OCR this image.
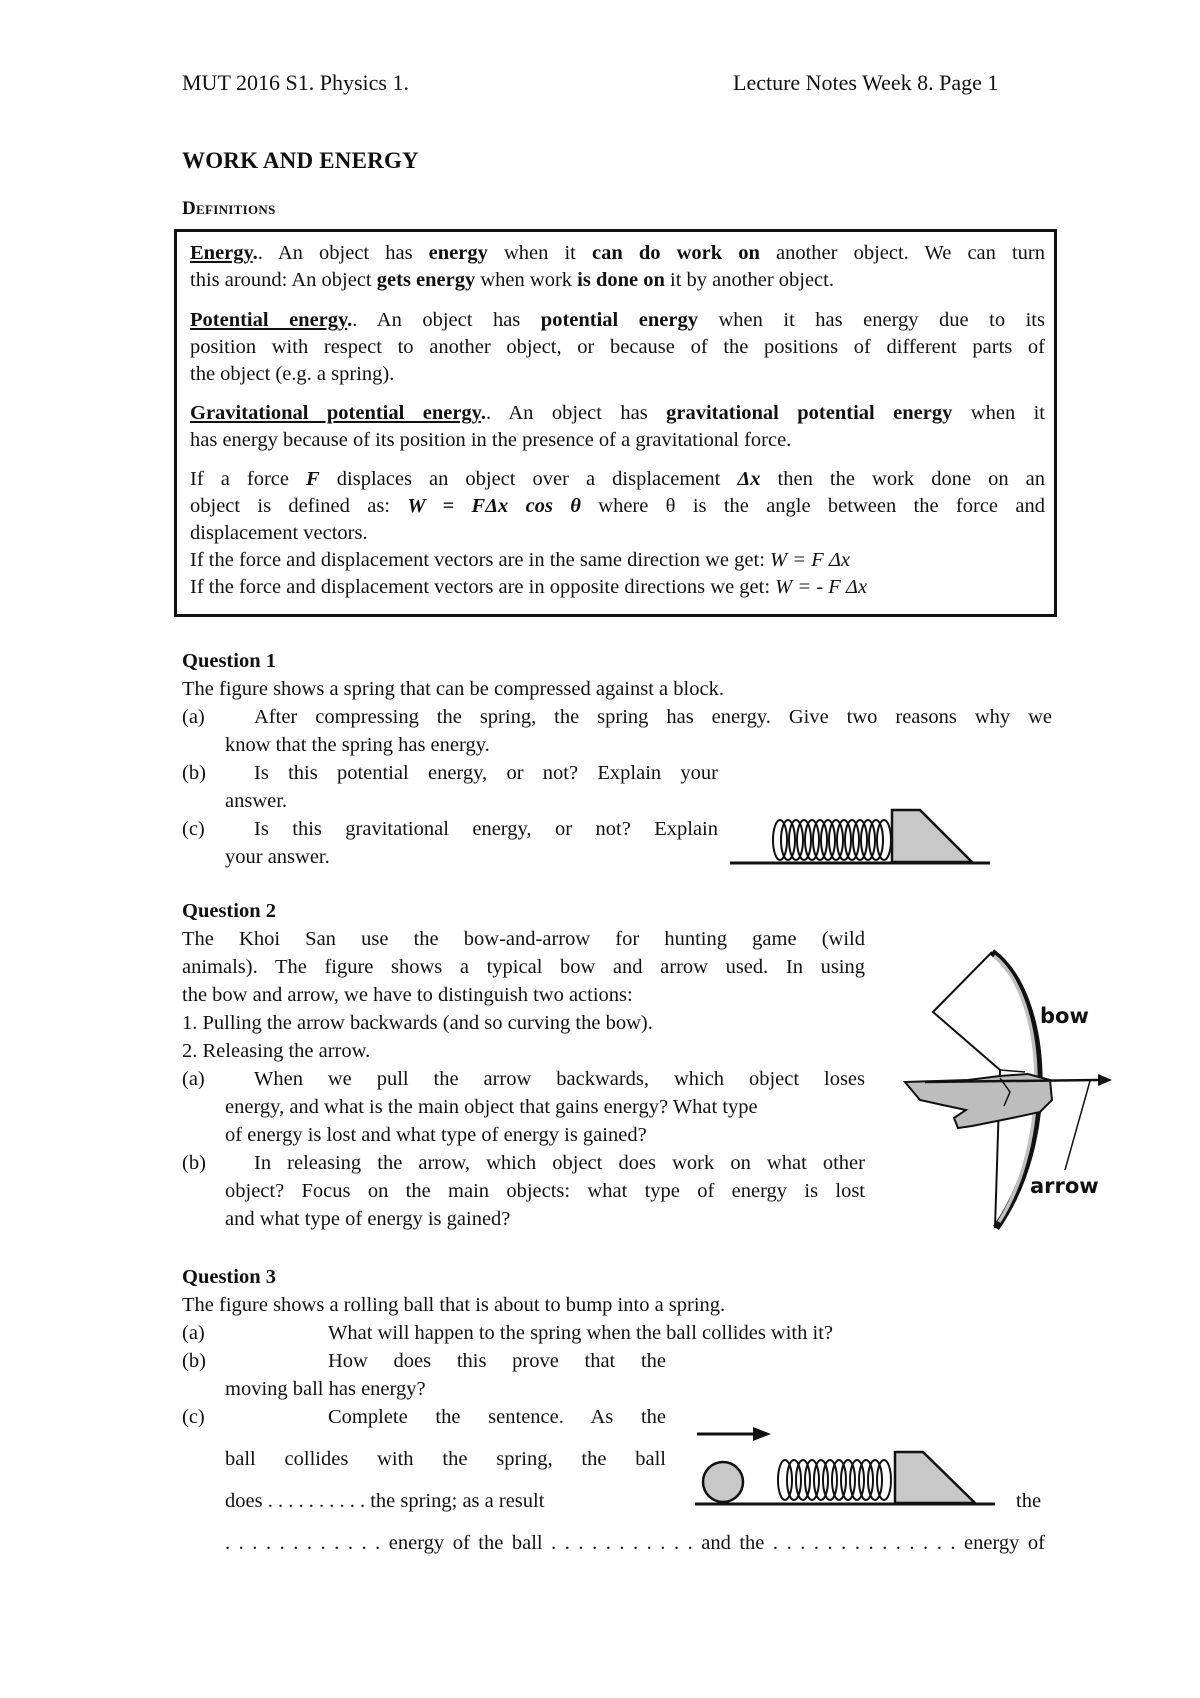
MUT 2016 S1. Physics 1.	Lecture Notes Week 8. Page 1
WORK AND ENERGY
Definitions
Energy.. An object has energy when it can do work on another object. We can turn
this around: An object gets energy when work is done on it by another object.
Potential energy.. An object has potential energy when it has energy due to its
position with respect to another object, or because of the positions of different parts of
the object (e.g. a spring).
Gravitational potential energy.. An object has gravitational potential energy when it
has energy because of its position in the presence of a gravitational force.
If a force F displaces an object over a displacement Δx then the work done on an
object is defined as: W = FΔx cos θ where θ is the angle between the force and
displacement vectors.
If the force and displacement vectors are in the same direction we get: W = F Δx
If the force and displacement vectors are in opposite directions we get: W = - F Δx
Question 1
The figure shows a spring that can be compressed against a block.
(a) After compressing the spring, the spring has energy. Give two reasons why we
know that the spring has energy.
(b) Is this potential energy, or not? Explain your
answer.
(c) Is this gravitational energy, or not? Explain
your answer.
Question 2
The Khoi San use the bow-and-arrow for hunting game (wild
animals). The figure shows a typical bow and arrow used. In using
the bow and arrow, we have to distinguish two actions:
1. Pulling the arrow backwards (and so curving the bow).
2. Releasing the arrow.
(a) When we pull the arrow backwards, which object loses
energy, and what is the main object that gains energy? What type
of energy is lost and what type of energy is gained?
(b) In releasing the arrow, which object does work on what other
object? Focus on the main objects: what type of energy is lost
and what type of energy is gained?
bow
arrow
Question 3
The figure shows a rolling ball that is about to bump into a spring.
(a)	What will happen to the spring when the ball collides with it?
(b)	How does this prove that the
moving ball has energy?
(c)	Complete the sentence. As the
ball collides with the spring, the ball
does . . . . . . . . . . the spring; as a result	the
. . . . . . . . . . . . energy of the ball . . . . . . . . . . . and the . . . . . . . . . . . . . . energy of
